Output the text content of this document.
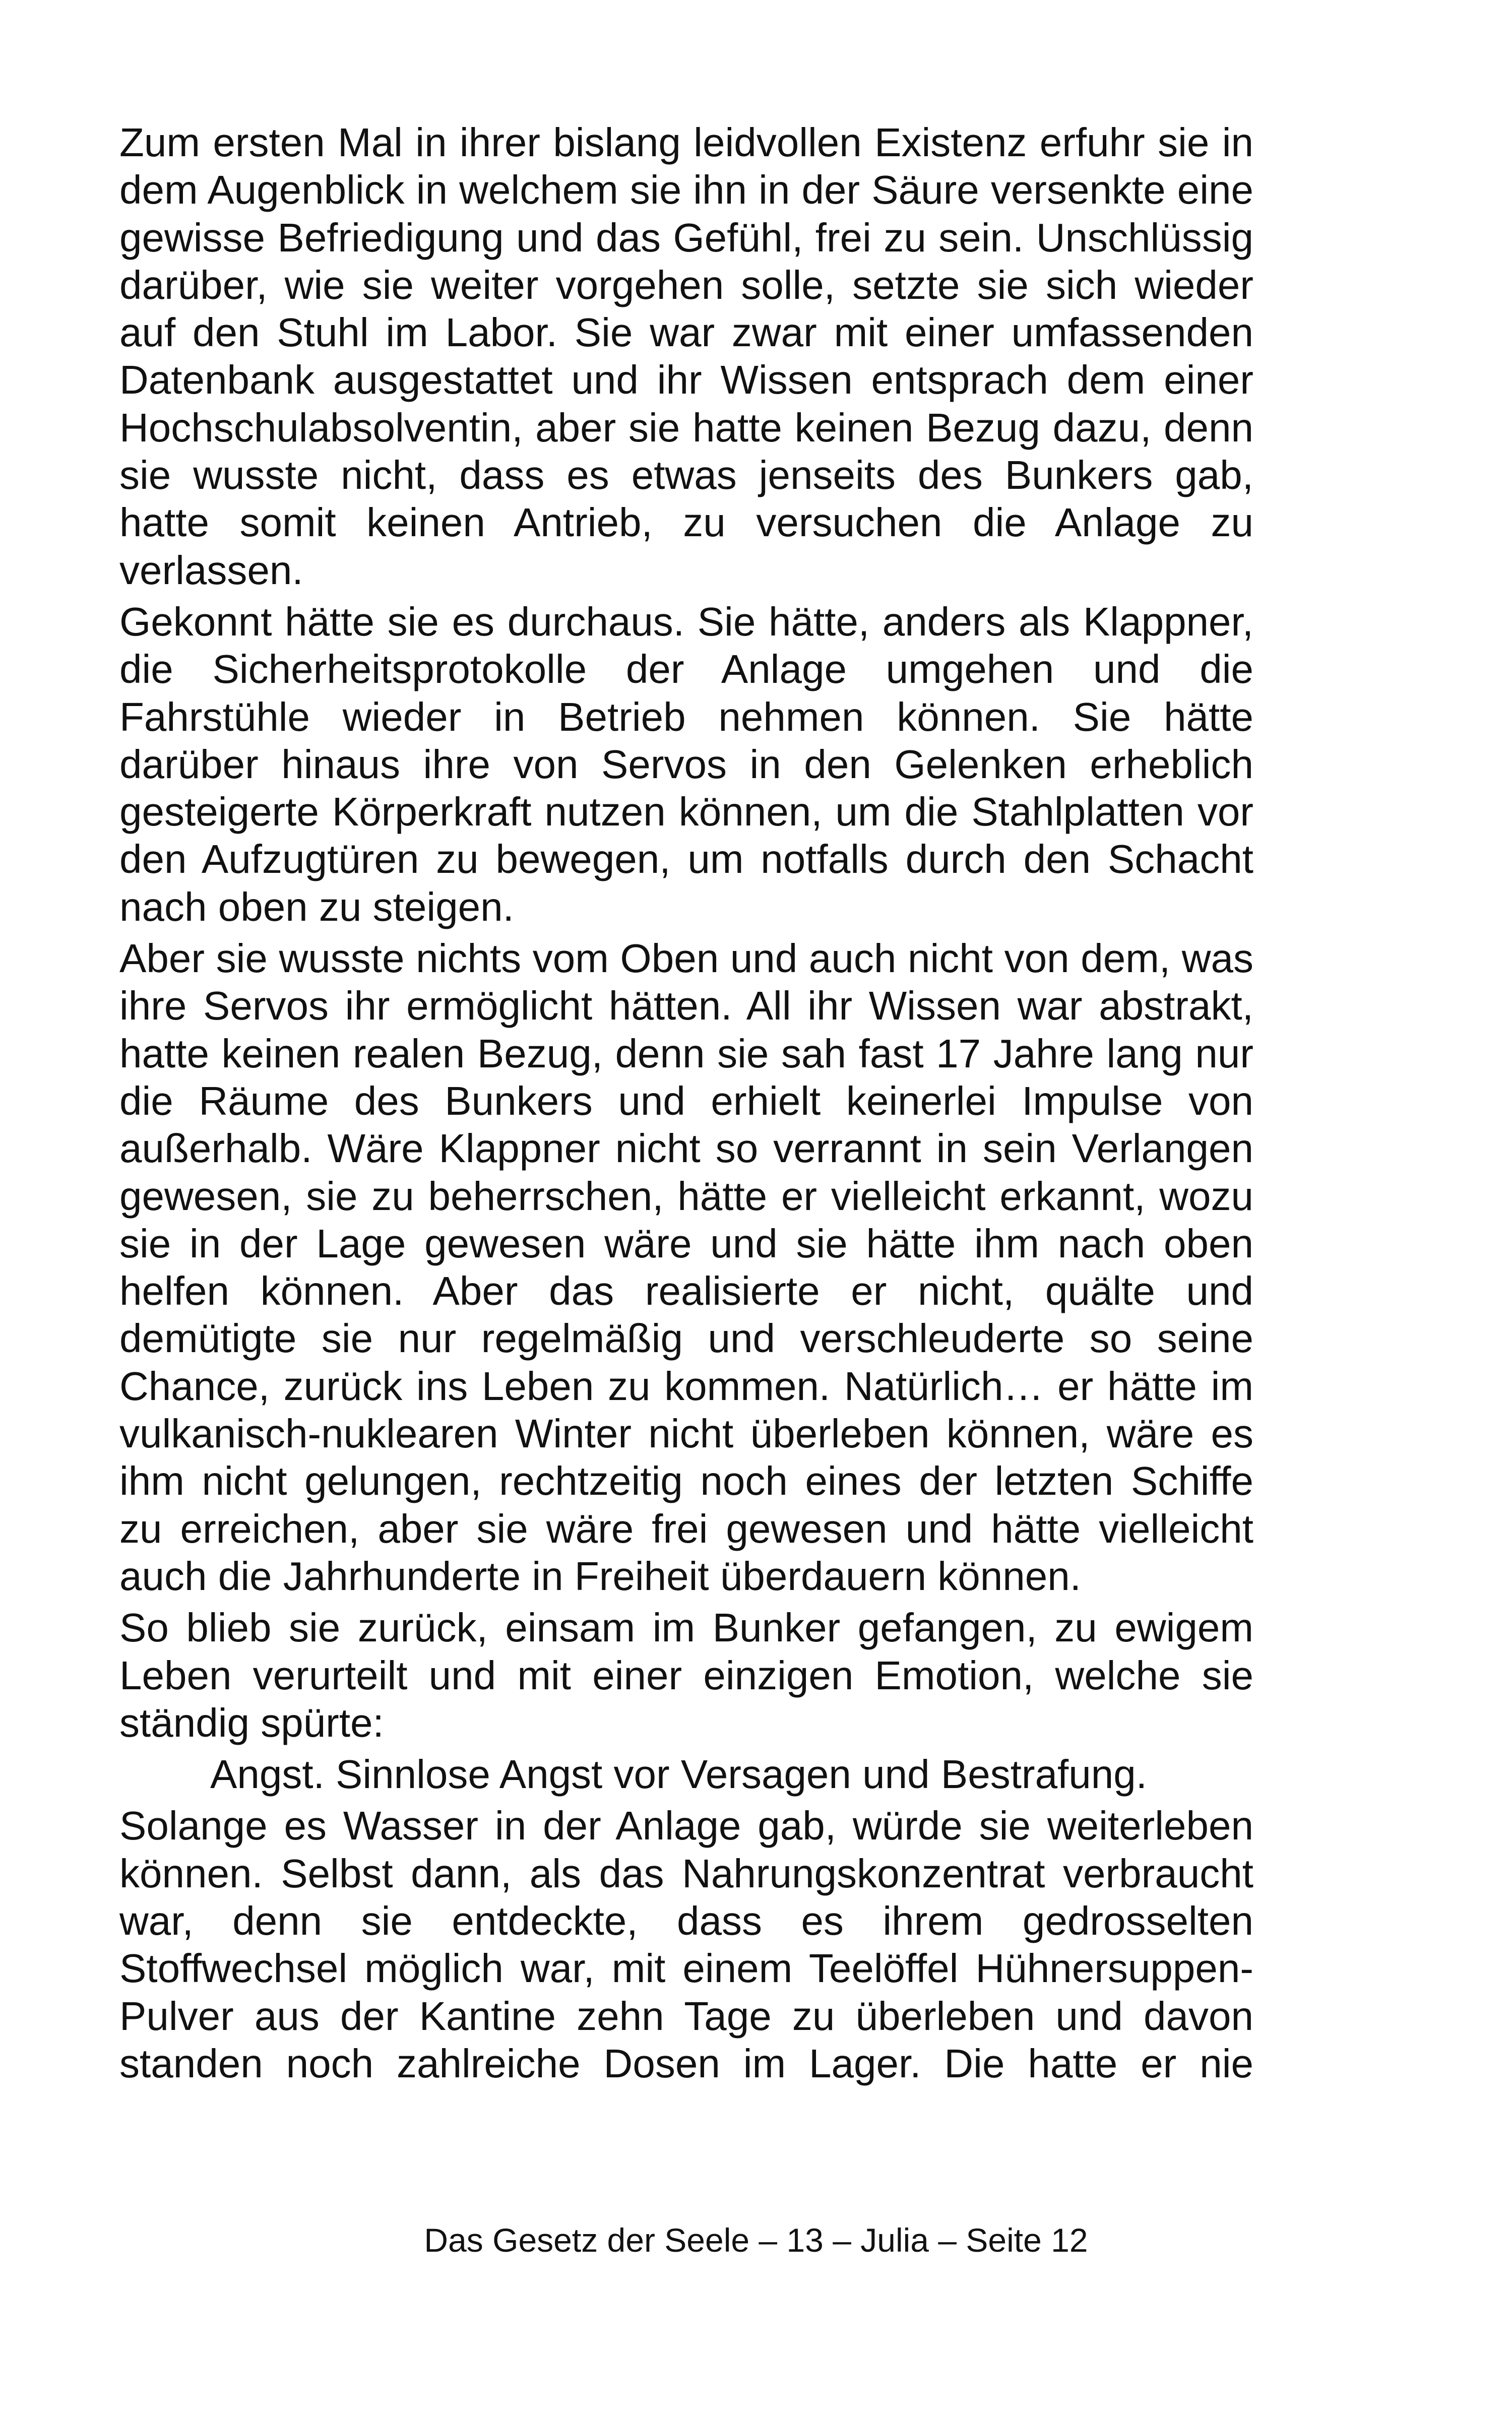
Zum ersten Mal in ihrer bislang leidvollen Existenz erfuhr sie in dem Augenblick in welchem sie ihn in der Säure versenkte eine gewisse Befriedigung und das Gefühl, frei zu sein. Unschlüssig darüber, wie sie weiter vorgehen solle, setzte sie sich wieder auf den Stuhl im Labor. Sie war zwar mit einer umfassenden Datenbank ausgestattet und ihr Wissen entsprach dem einer Hochschulabsolventin, aber sie hatte keinen Bezug dazu, denn sie wusste nicht, dass es etwas jenseits des Bunkers gab, hatte somit keinen Antrieb, zu versuchen die Anlage zu verlassen.

Gekonnt hätte sie es durchaus. Sie hätte, anders als Klappner, die Sicherheitsprotokolle der Anlage umgehen und die Fahrstühle wieder in Betrieb nehmen können. Sie hätte darüber hinaus ihre von Servos in den Gelenken erheblich gesteigerte Körperkraft nutzen können, um die Stahlplatten vor den Aufzugtüren zu bewegen, um notfalls durch den Schacht nach oben zu steigen.

Aber sie wusste nichts vom Oben und auch nicht von dem, was ihre Servos ihr ermöglicht hätten. All ihr Wissen war abstrakt, hatte keinen realen Bezug, denn sie sah fast 17 Jahre lang nur die Räume des Bunkers und erhielt keinerlei Impulse von außerhalb. Wäre Klappner nicht so verrannt in sein Verlangen gewesen, sie zu beherrschen, hätte er vielleicht erkannt, wozu sie in der Lage gewesen wäre und sie hätte ihm nach oben helfen können. Aber das realisierte er nicht, quälte und demütigte sie nur regelmäßig und verschleuderte so seine Chance, zurück ins Leben zu kommen. Natürlich… er hätte im vulkanisch-nuklearen Winter nicht überleben können, wäre es ihm nicht gelungen, rechtzeitig noch eines der letzten Schiffe zu erreichen, aber sie wäre frei gewesen und hätte vielleicht auch die Jahrhunderte in Freiheit überdauern können.

So blieb sie zurück, einsam im Bunker gefangen, zu ewigem Leben verurteilt und mit einer einzigen Emotion, welche sie ständig spürte:

Angst. Sinnlose Angst vor Versagen und Bestrafung.

Solange es Wasser in der Anlage gab, würde sie weiterleben können. Selbst dann, als das Nahrungskonzentrat verbraucht war, denn sie entdeckte, dass es ihrem gedrosselten Stoffwechsel möglich war, mit einem Teelöffel Hühnersuppen-Pulver aus der Kantine zehn Tage zu überleben und davon standen noch zahlreiche Dosen im Lager. Die hatte er nie

Das Gesetz der Seele – 13 – Julia – Seite 12
